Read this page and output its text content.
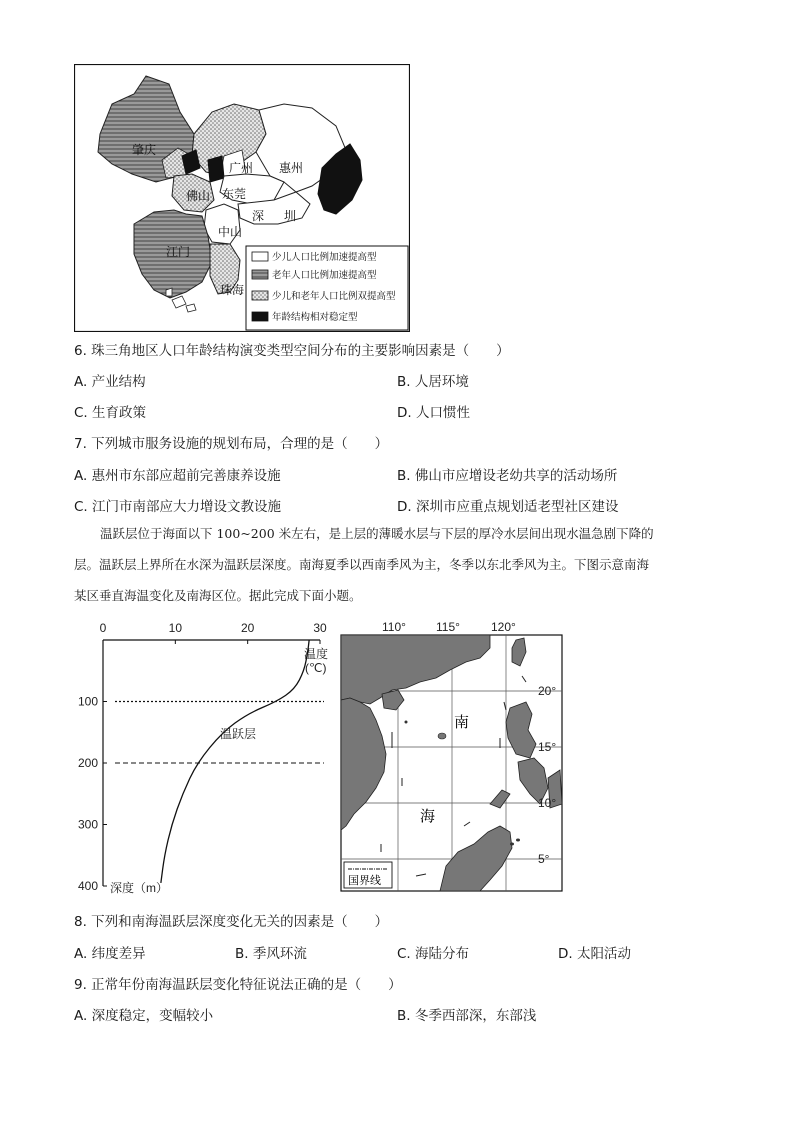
肇庆
广州 惠州
佛山 东莞
深 圳
中山
江门
珠海
少儿人口比例加速提高型
老年人口比例加速提高型
少儿和老年人口比例双提高型
年龄结构相对稳定型
6. 珠三角地区人口年龄结构演变类型空间分布的主要影响因素是（　　）
A. 产业结构	B. 人居环境
C. 生育政策	D. 人口惯性
7. 下列城市服务设施的规划布局，合理的是（　　）
A. 惠州市东部应超前完善康养设施	B. 佛山市应增设老幼共享的活动场所
C. 江门市南部应大力增设文教设施	D. 深圳市应重点规划适老型社区建设
温跃层位于海面以下 100~200 米左右，是上层的薄暖水层与下层的厚冷水层间出现水温急剧下降的
层。温跃层上界所在水深为温跃层深度。南海夏季以西南季风为主，冬季以东北季风为主。下图示意南海
某区垂直海温变化及南海区位。据此完成下面小题。
0	10	20	30
100
200
300
400
温度
(℃)
温跃层
深度（m）
110°	115°	120°
20°
15°
10°
5°
南
海
国界线
8. 下列和南海温跃层深度变化无关的因素是（　　）
A. 纬度差异	B. 季风环流	C. 海陆分布	D. 太阳活动
9. 正常年份南海温跃层变化特征说法正确的是（　　）
A. 深度稳定，变幅较小	B. 冬季西部深，东部浅
